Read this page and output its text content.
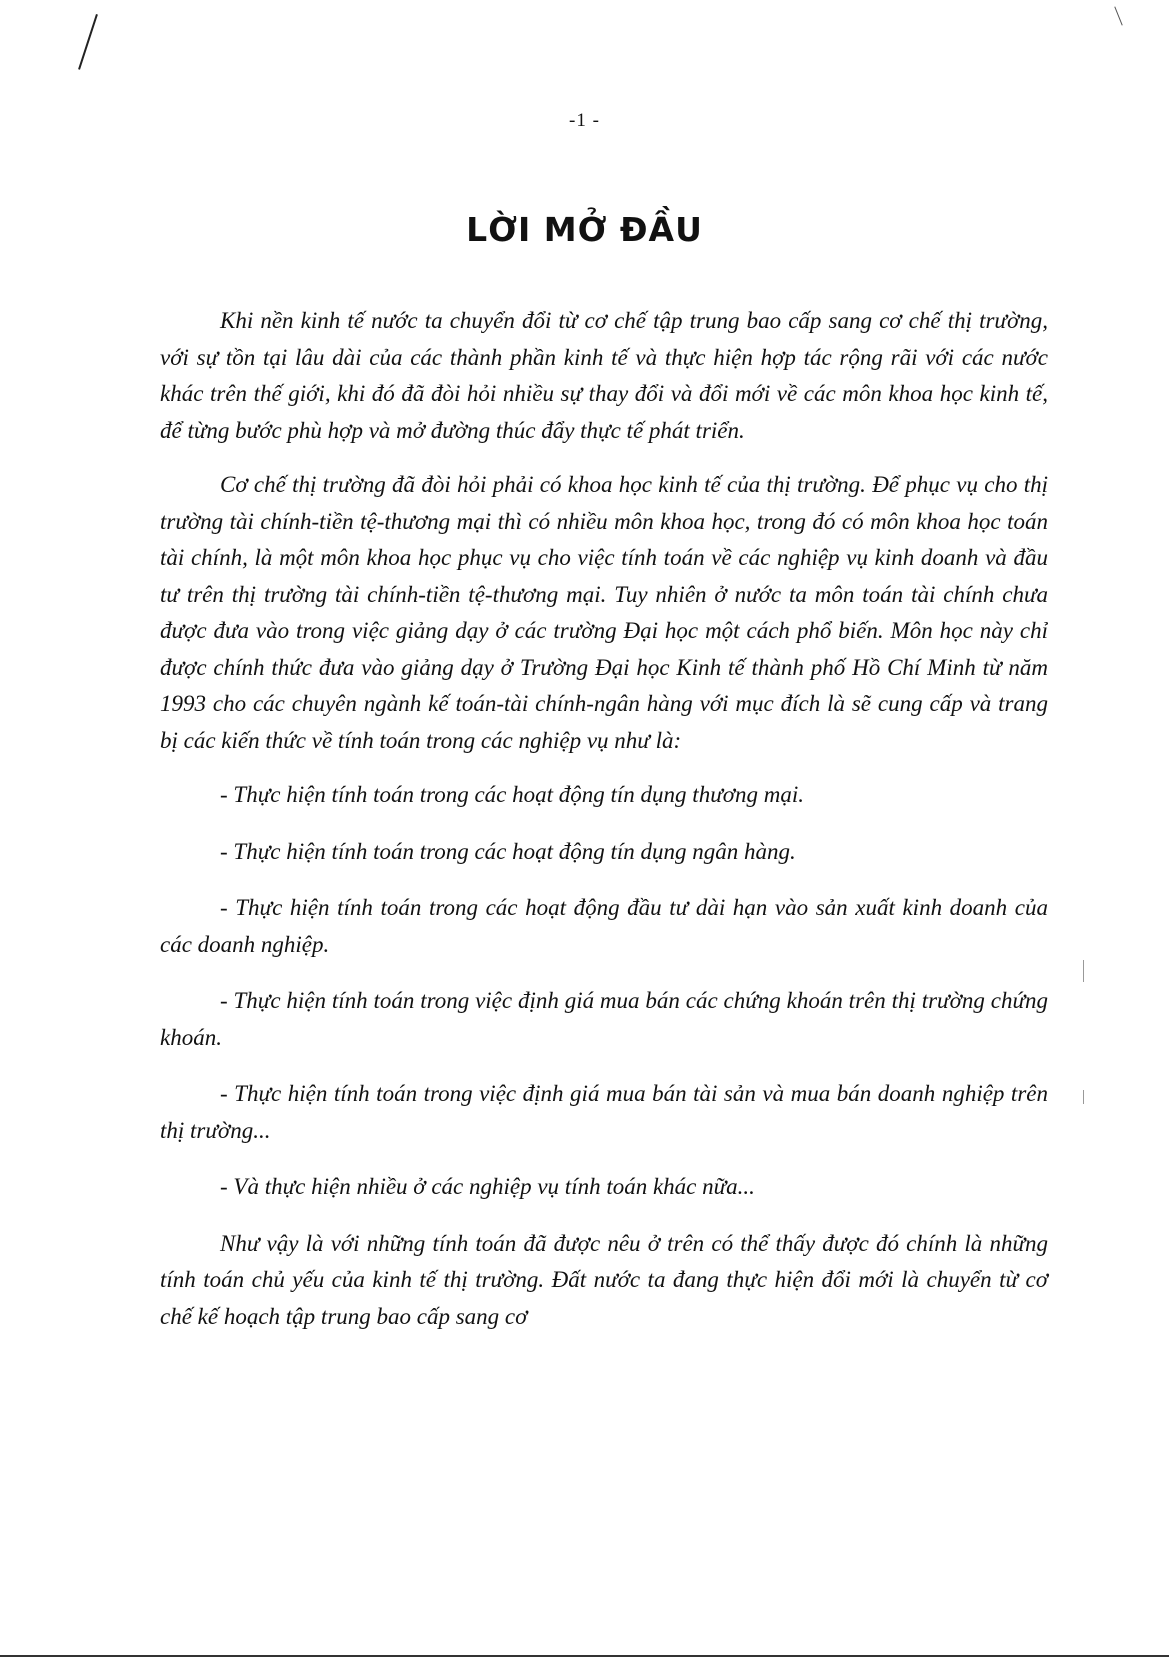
-1 -
LỜI MỞ ĐẦU

Khi nền kinh tế nước ta chuyển đổi từ cơ chế tập trung bao cấp sang cơ chế thị trường, với sự tồn tại lâu dài của các thành phần kinh tế và thực hiện hợp tác rộng rãi với các nước khác trên thế giới, khi đó đã đòi hỏi nhiều sự thay đổi và đổi mới về các môn khoa học kinh tế, để từng bước phù hợp và mở đường thúc đẩy thực tế phát triển.

Cơ chế thị trường đã đòi hỏi phải có khoa học kinh tế của thị trường. Để phục vụ cho thị trường tài chính-tiền tệ-thương mại thì có nhiều môn khoa học, trong đó có môn khoa học toán tài chính, là một môn khoa học phục vụ cho việc tính toán về các nghiệp vụ kinh doanh và đầu tư trên thị trường tài chính-tiền tệ-thương mại. Tuy nhiên ở nước ta môn toán tài chính chưa được đưa vào trong việc giảng dạy ở các trường Đại học một cách phổ biến. Môn học này chỉ được chính thức đưa vào giảng dạy ở Trường Đại học Kinh tế thành phố Hồ Chí Minh từ năm 1993 cho các chuyên ngành kế toán-tài chính-ngân hàng với mục đích là sẽ cung cấp và trang bị các kiến thức về tính toán trong các nghiệp vụ như là:

- Thực hiện tính toán trong các hoạt động tín dụng thương mại.

- Thực hiện tính toán trong các hoạt động tín dụng ngân hàng.

- Thực hiện tính toán trong các hoạt động đầu tư dài hạn vào sản xuất kinh doanh của các doanh nghiệp.

- Thực hiện tính toán trong việc định giá mua bán các chứng khoán trên thị trường chứng khoán.

- Thực hiện tính toán trong việc định giá mua bán tài sản và mua bán doanh nghiệp trên thị trường...

- Và thực hiện nhiều ở các nghiệp vụ tính toán khác nữa...

Như vậy là với những tính toán đã được nêu ở trên có thể thấy được đó chính là những tính toán chủ yếu của kinh tế thị trường. Đất nước ta đang thực hiện đổi mới là chuyển từ cơ chế kế hoạch tập trung bao cấp sang cơ
